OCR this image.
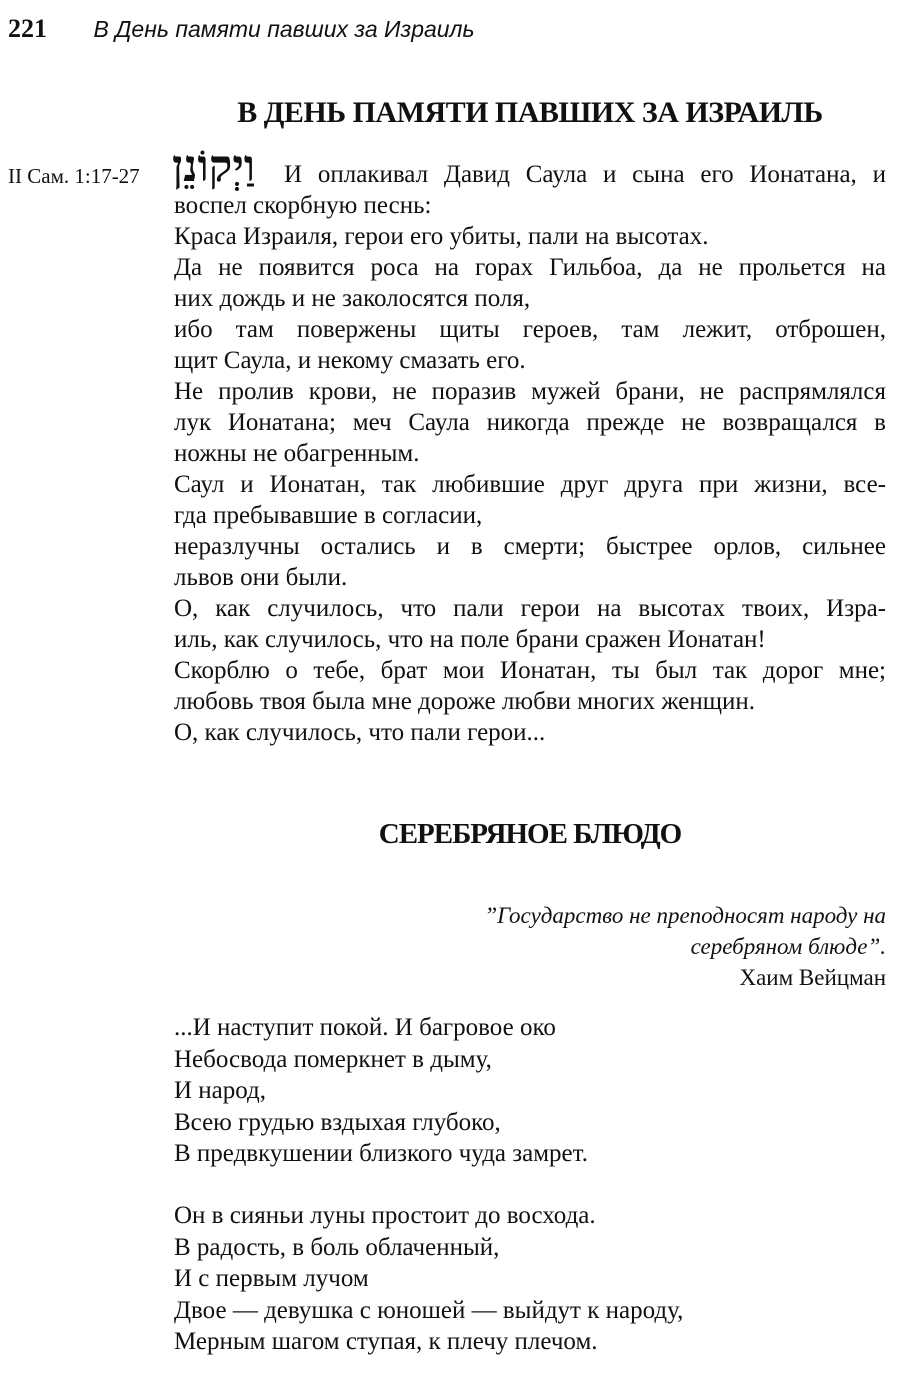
221 В День памяти павших за Израиль
В ДЕНЬ ПАМЯТИ ПАВШИХ ЗА ИЗРАИЛЬ
II Сам. 1:17-27 וַיְקוֹנֵן И оплакивал Давид Саула и сына его Ионатана, и
воспел скорбную песнь:
Краса Израиля, герои его убиты, пали на высотах.
Да не появится роса на горах Гильбоа, да не прольется на
них дождь и не заколосятся поля,
ибо там повержены щиты героев, там лежит, отброшен,
щит Саула, и некому смазать его.
Не пролив крови, не поразив мужей брани, не распрямлялся
лук Ионатана; меч Саула никогда прежде не возвращался в
ножны не обагренным.
Саул и Ионатан, так любившие друг друга при жизни, все-
гда пребывавшие в согласии,
неразлучны остались и в смерти; быстрее орлов, сильнее
львов они были.
О, как случилось, что пали герои на высотах твоих, Изра-
иль, как случилось, что на поле брани сражен Ионатан!
Скорблю о тебе, брат мои Ионатан, ты был так дорог мне;
любовь твоя была мне дороже любви многих женщин.
О, как случилось, что пали герои...
СЕРЕБРЯНОЕ БЛЮДО
”Государство не преподносят народу на
серебряном блюде”.
Хаим Вейцман
...И наступит покой. И багровое око
Небосвода померкнет в дыму,
И народ,
Всею грудью вздыхая глубоко,
В предвкушении близкого чуда замрет.
Он в сияньи луны простоит до восхода.
В радость, в боль облаченный,
И с первым лучом
Двое — девушка с юношей — выйдут к народу,
Мерным шагом ступая, к плечу плечом.
